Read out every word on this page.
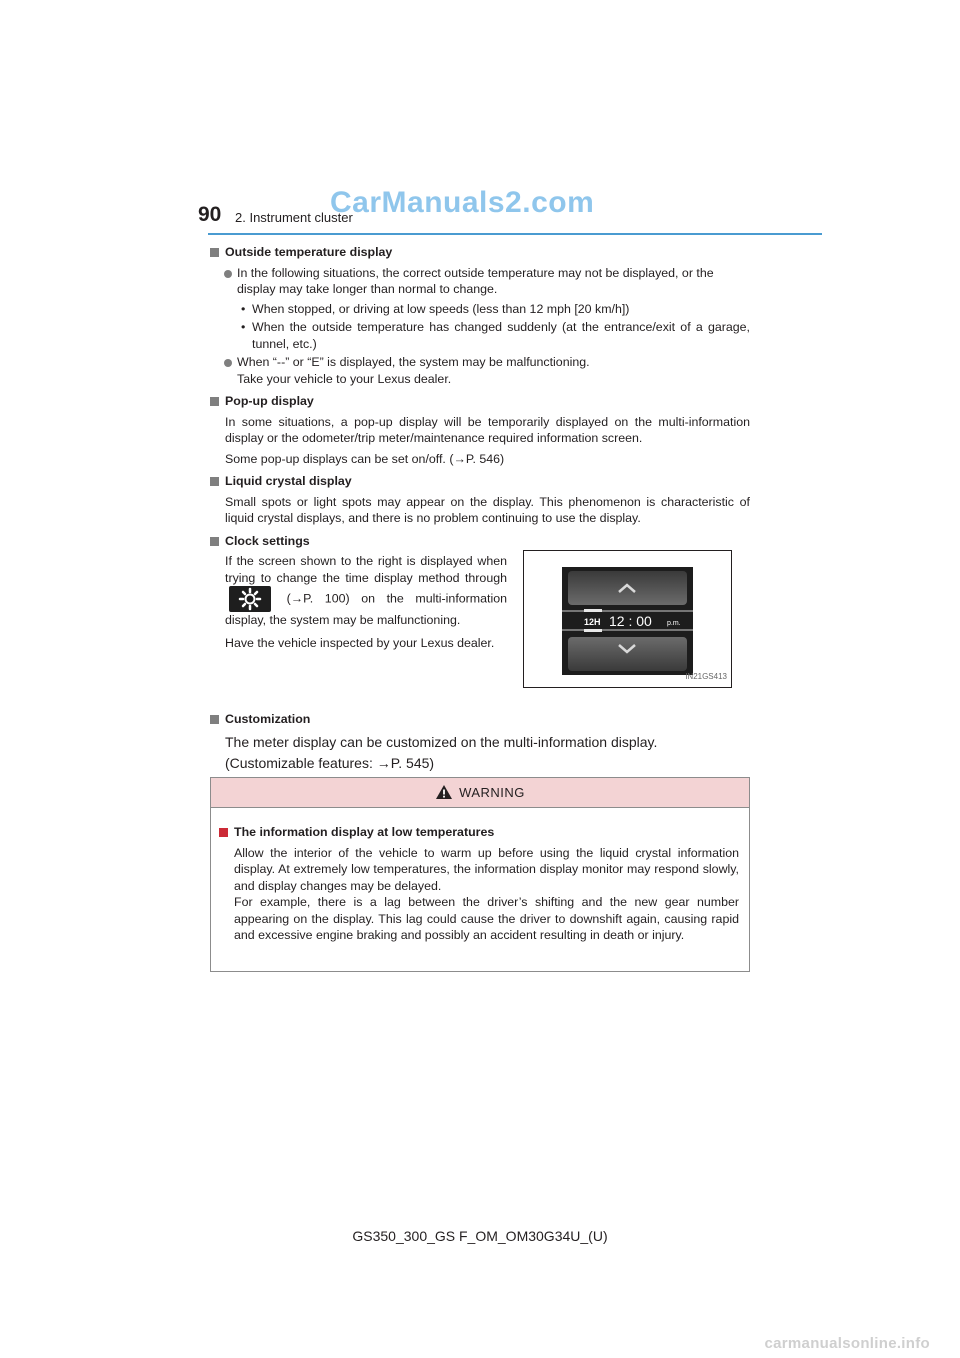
90 2. Instrument cluster
CarManuals2.com
Outside temperature display
In the following situations, the correct outside temperature may not be displayed, or the display may take longer than normal to change.
• When stopped, or driving at low speeds (less than 12 mph [20 km/h])
• When the outside temperature has changed suddenly (at the entrance/exit of a garage, tunnel, etc.)
When “--” or “E” is displayed, the system may be malfunctioning.
Take your vehicle to your Lexus dealer.
Pop-up display
In some situations, a pop-up display will be temporarily displayed on the multi-information display or the odometer/trip meter/maintenance required information screen.
Some pop-up displays can be set on/off. (→P. 546)
Liquid crystal display
Small spots or light spots may appear on the display. This phenomenon is characteristic of liquid crystal displays, and there is no problem continuing to use the display.
Clock settings
If the screen shown to the right is displayed when trying to change the time display method through  (→P. 100) on the multi-information display, the system may be malfunctioning.
Have the vehicle inspected by your Lexus dealer.
12H 12 : 00 p.m.
IN21GS413
Customization
The meter display can be customized on the multi-information display.
(Customizable features: →P. 545)
WARNING
The information display at low temperatures
Allow the interior of the vehicle to warm up before using the liquid crystal information display. At extremely low temperatures, the information display monitor may respond slowly, and display changes may be delayed.
For example, there is a lag between the driver’s shifting and the new gear number appearing on the display. This lag could cause the driver to downshift again, causing rapid and excessive engine braking and possibly an accident resulting in death or injury.
GS350_300_GS F_OM_OM30G34U_(U)
carmanualsonline.info
